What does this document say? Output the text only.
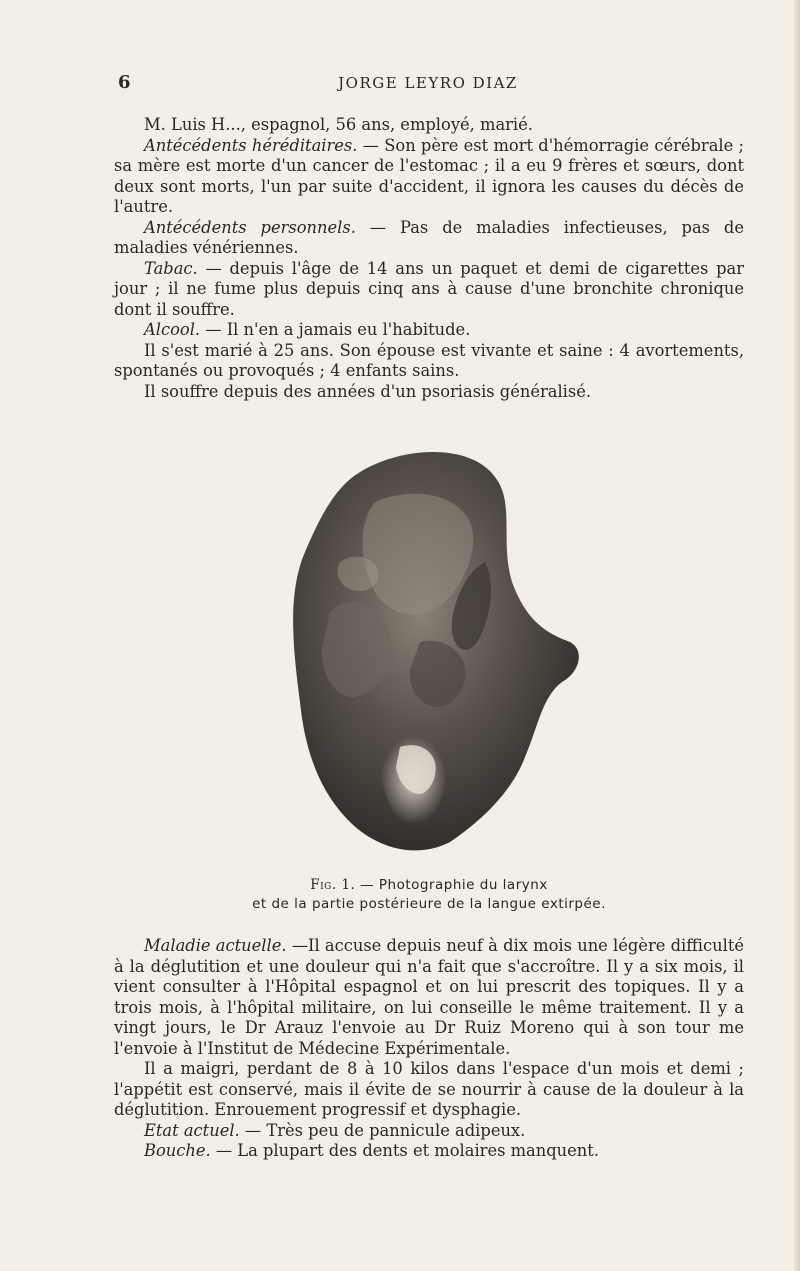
6	JORGE LEYRO DIAZ

M. Luis H..., espagnol, 56 ans, employé, marié.

Antécédents héréditaires. — Son père est mort d'hémorragie cérébrale ; sa mère est morte d'un cancer de l'estomac ; il a eu 9 frères et sœurs, dont deux sont morts, l'un par suite d'accident, il ignora les causes du décès de l'autre.

Antécédents personnels. — Pas de maladies infectieuses, pas de maladies vénériennes.

Tabac. — depuis l'âge de 14 ans un paquet et demi de cigarettes par jour ; il ne fume plus depuis cinq ans à cause d'une bronchite chronique dont il souffre.

Alcool. — Il n'en a jamais eu l'habitude.

Il s'est marié à 25 ans. Son épouse est vivante et saine : 4 avortements, spontanés ou provoqués ; 4 enfants sains.

Il souffre depuis des années d'un psoriasis généralisé.

Fig. 1. — Photographie du larynx
et de la partie postérieure de la langue extirpée.

Maladie actuelle. —Il accuse depuis neuf à dix mois une légère difficulté à la déglutition et une douleur qui n'a fait que s'accroître. Il y a six mois, il vient consulter à l'Hôpital espagnol et on lui prescrit des topiques. Il y a trois mois, à l'hôpital militaire, on lui conseille le même traitement. Il y a vingt jours, le Dr Arauz l'envoie au Dr Ruiz Moreno qui à son tour me l'envoie à l'Institut de Médecine Expérimentale.

Il a maigri, perdant de 8 à 10 kilos dans l'espace d'un mois et demi ; l'appétit est conservé, mais il évite de se nourrir à cause de la douleur à la déglutition. Enrouement progressif et dysphagie.

Etat actuel. — Très peu de pannicule adipeux.

Bouche. — La plupart des dents et molaires manquent.
